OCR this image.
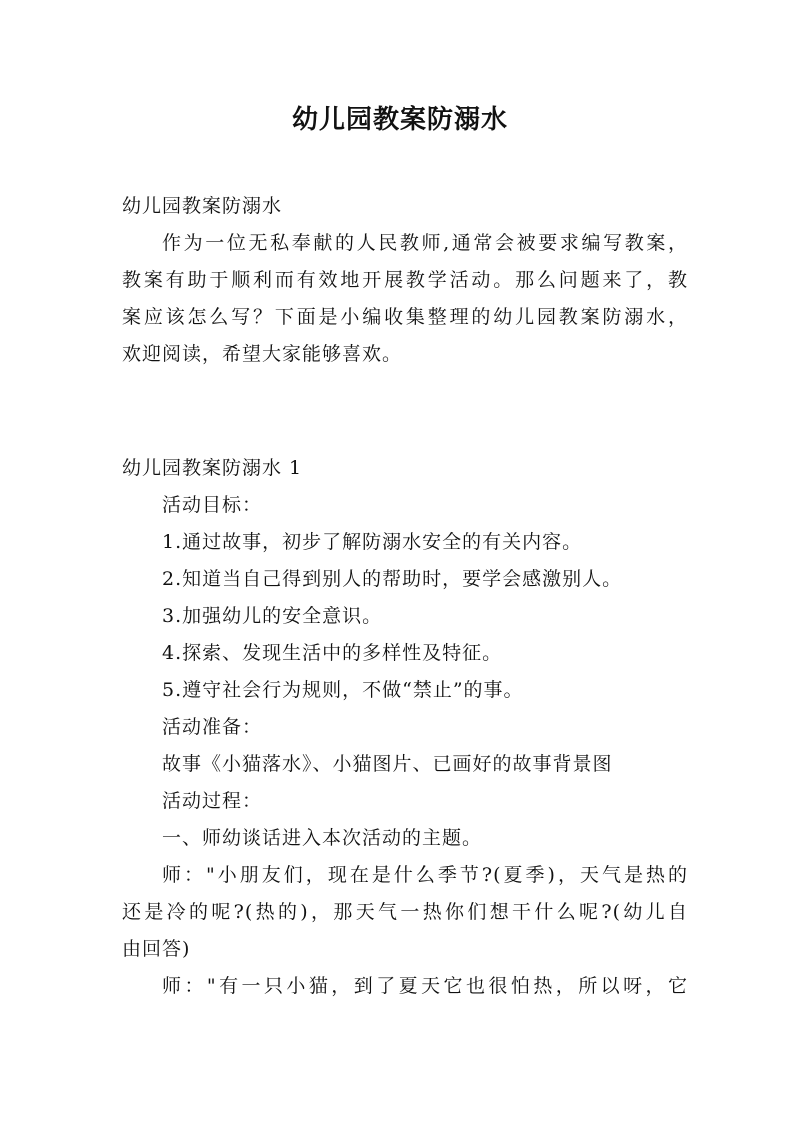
幼儿园教案防溺水
幼儿园教案防溺水
作为一位无私奉献的人民教师,通常会被要求编写教案，
教案有助于顺利而有效地开展教学活动。那么问题来了，教
案应该怎么写？下面是小编收集整理的幼儿园教案防溺水，
欢迎阅读，希望大家能够喜欢。
幼儿园教案防溺水 1
活动目标：
1.通过故事，初步了解防溺水安全的有关内容。
2.知道当自己得到别人的帮助时，要学会感激别人。
3.加强幼儿的安全意识。
4.探索、发现生活中的多样性及特征。
5.遵守社会行为规则，不做“禁止”的事。
活动准备：
故事《小猫落水》、小猫图片、已画好的故事背景图
活动过程：
一、师幼谈话进入本次活动的主题。
师："小朋友们，现在是什么季节?(夏季)，天气是热的
还是冷的呢?(热的)，那天气一热你们想干什么呢?(幼儿自
由回答)
师："有一只小猫，到了夏天它也很怕热，所以呀，它
